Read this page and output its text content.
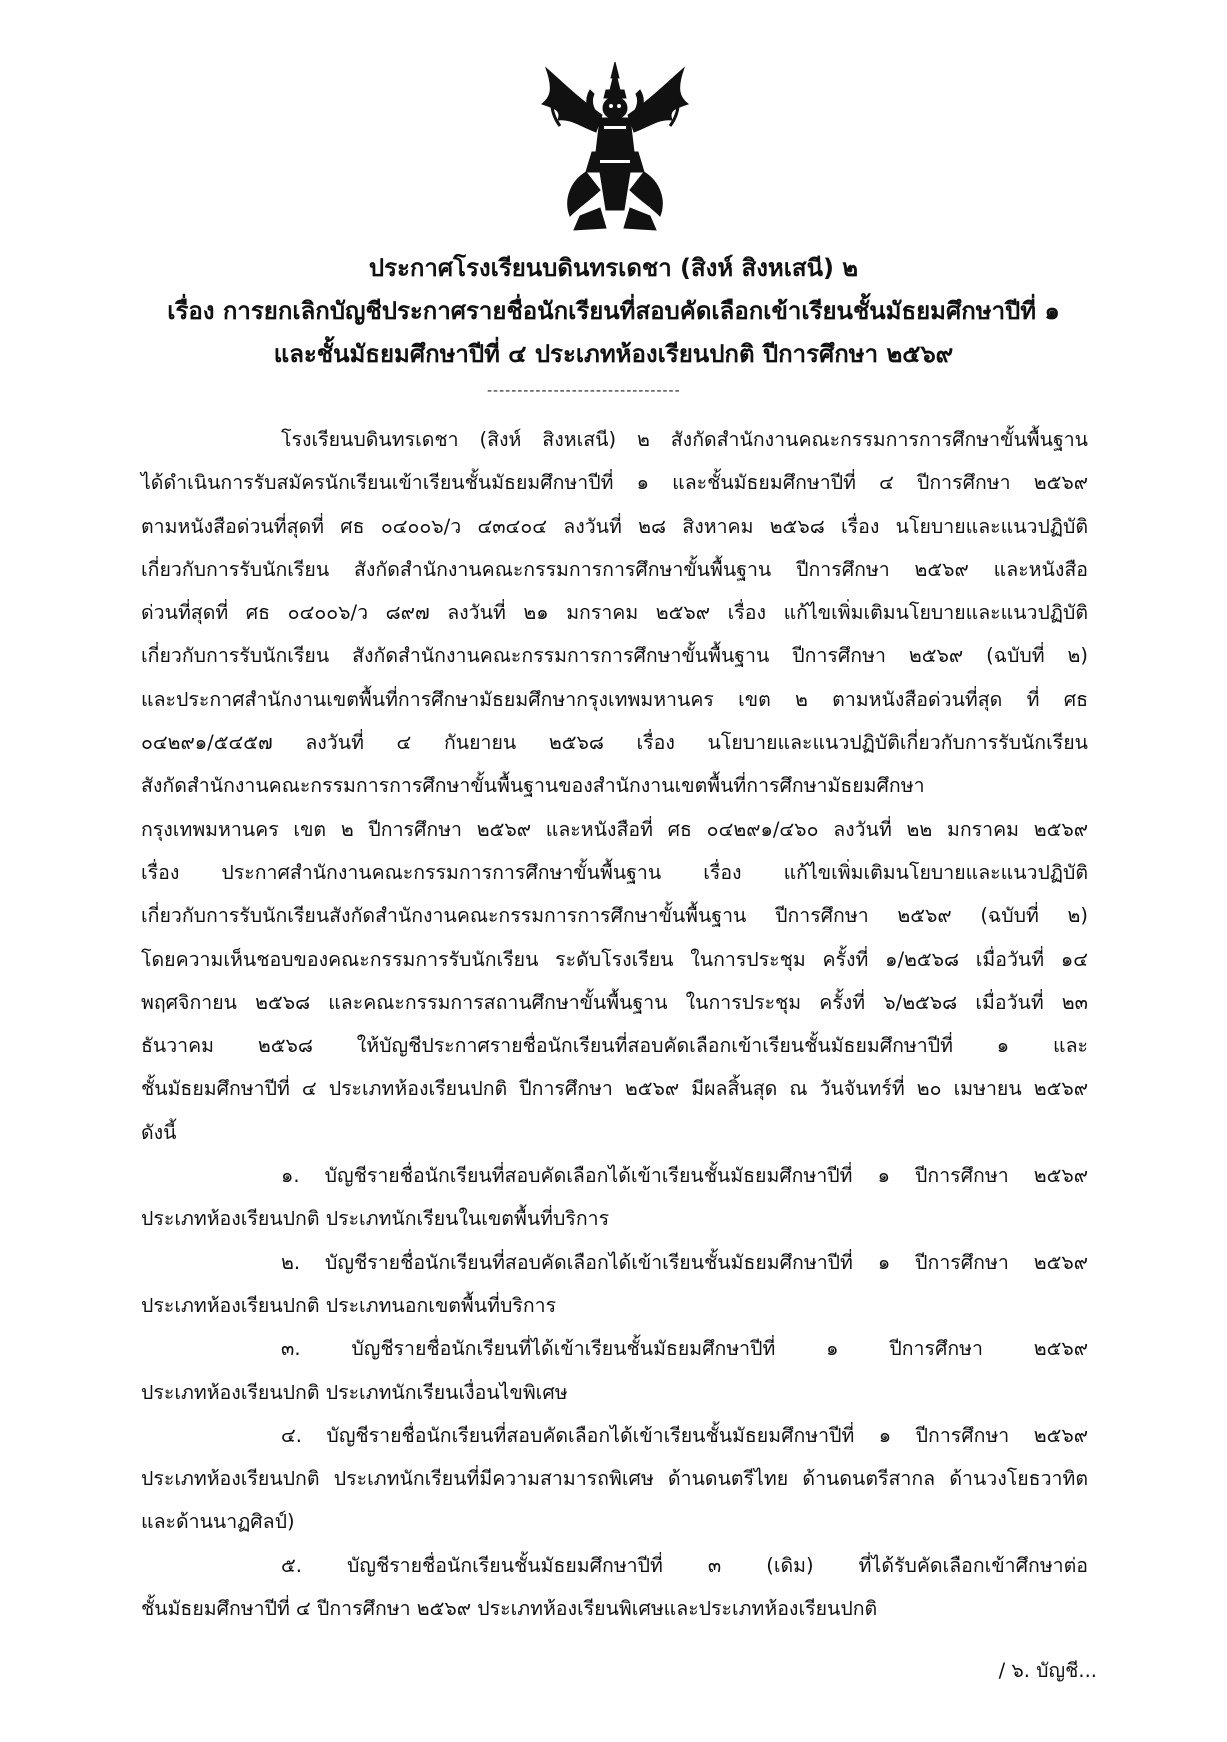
ประกาศโรงเรียนบดินทรเดชา (สิงห์ สิงหเสนี) ๒
เรื่อง การยกเลิกบัญชีประกาศรายชื่อนักเรียนที่สอบคัดเลือกเข้าเรียนชั้นมัธยมศึกษาปีที่ ๑
และชั้นมัธยมศึกษาปีที่ ๔ ประเภทห้องเรียนปกติ ปีการศึกษา ๒๕๖๙
--------------------------------
โรงเรียนบดินทรเดชา (สิงห์ สิงหเสนี) ๒ สังกัดสำนักงานคณะกรรมการการศึกษาขั้นพื้นฐาน
ได้ดำเนินการรับสมัครนักเรียนเข้าเรียนชั้นมัธยมศึกษาปีที่ ๑ และชั้นมัธยมศึกษาปีที่ ๔ ปีการศึกษา ๒๕๖๙
ตามหนังสือด่วนที่สุดที่ ศธ ๐๔๐๐๖/ว ๔๓๔๐๔ ลงวันที่ ๒๘ สิงหาคม ๒๕๖๘ เรื่อง นโยบายและแนวปฏิบัติ
เกี่ยวกับการรับนักเรียน สังกัดสำนักงานคณะกรรมการการศึกษาขั้นพื้นฐาน ปีการศึกษา ๒๕๖๙ และหนังสือ
ด่วนที่สุดที่ ศธ ๐๔๐๐๖/ว ๘๙๗ ลงวันที่ ๒๑ มกราคม ๒๕๖๙ เรื่อง แก้ไขเพิ่มเติมนโยบายและแนวปฏิบัติ
เกี่ยวกับการรับนักเรียน สังกัดสำนักงานคณะกรรมการการศึกษาขั้นพื้นฐาน ปีการศึกษา ๒๕๖๙ (ฉบับที่ ๒)
และประกาศสำนักงานเขตพื้นที่การศึกษามัธยมศึกษากรุงเทพมหานคร เขต ๒ ตามหนังสือด่วนที่สุด ที่ ศธ
๐๔๒๙๑/๕๔๕๗ ลงวันที่ ๔ กันยายน ๒๕๖๘ เรื่อง นโยบายและแนวปฏิบัติเกี่ยวกับการรับนักเรียน
สังกัดสำนักงานคณะกรรมการการศึกษาขั้นพื้นฐานของสำนักงานเขตพื้นที่การศึกษามัธยมศึกษา
กรุงเทพมหานคร เขต ๒ ปีการศึกษา ๒๕๖๙ และหนังสือที่ ศธ ๐๔๒๙๑/๔๖๐ ลงวันที่ ๒๒ มกราคม ๒๕๖๙
เรื่อง ประกาศสำนักงานคณะกรรมการการศึกษาขั้นพื้นฐาน เรื่อง แก้ไขเพิ่มเติมนโยบายและแนวปฏิบัติ
เกี่ยวกับการรับนักเรียนสังกัดสำนักงานคณะกรรมการการศึกษาขั้นพื้นฐาน ปีการศึกษา ๒๕๖๙ (ฉบับที่ ๒)
โดยความเห็นชอบของคณะกรรมการรับนักเรียน ระดับโรงเรียน ในการประชุม ครั้งที่ ๑/๒๕๖๘ เมื่อวันที่ ๑๔
พฤศจิกายน ๒๕๖๘ และคณะกรรมการสถานศึกษาขั้นพื้นฐาน ในการประชุม ครั้งที่ ๖/๒๕๖๘ เมื่อวันที่ ๒๓
ธันวาคม ๒๕๖๘ ให้บัญชีประกาศรายชื่อนักเรียนที่สอบคัดเลือกเข้าเรียนชั้นมัธยมศึกษาปีที่ ๑ และ
ชั้นมัธยมศึกษาปีที่ ๔ ประเภทห้องเรียนปกติ ปีการศึกษา ๒๕๖๙ มีผลสิ้นสุด ณ วันจันทร์ที่ ๒๐ เมษายน ๒๕๖๙
ดังนี้
๑. บัญชีรายชื่อนักเรียนที่สอบคัดเลือกได้เข้าเรียนชั้นมัธยมศึกษาปีที่ ๑ ปีการศึกษา ๒๕๖๙
ประเภทห้องเรียนปกติ ประเภทนักเรียนในเขตพื้นที่บริการ
๒. บัญชีรายชื่อนักเรียนที่สอบคัดเลือกได้เข้าเรียนชั้นมัธยมศึกษาปีที่ ๑ ปีการศึกษา ๒๕๖๙
ประเภทห้องเรียนปกติ ประเภทนอกเขตพื้นที่บริการ
๓. บัญชีรายชื่อนักเรียนที่ได้เข้าเรียนชั้นมัธยมศึกษาปีที่ ๑ ปีการศึกษา ๒๕๖๙
ประเภทห้องเรียนปกติ ประเภทนักเรียนเงื่อนไขพิเศษ
๔. บัญชีรายชื่อนักเรียนที่สอบคัดเลือกได้เข้าเรียนชั้นมัธยมศึกษาปีที่ ๑ ปีการศึกษา ๒๕๖๙
ประเภทห้องเรียนปกติ ประเภทนักเรียนที่มีความสามารถพิเศษ ด้านดนตรีไทย ด้านดนตรีสากล ด้านวงโยธวาทิต
และด้านนาฏศิลป์)
๕. บัญชีรายชื่อนักเรียนชั้นมัธยมศึกษาปีที่ ๓ (เดิม) ที่ได้รับคัดเลือกเข้าศึกษาต่อ
ชั้นมัธยมศึกษาปีที่ ๔ ปีการศึกษา ๒๕๖๙ ประเภทห้องเรียนพิเศษและประเภทห้องเรียนปกติ
/ ๖. บัญชี...
